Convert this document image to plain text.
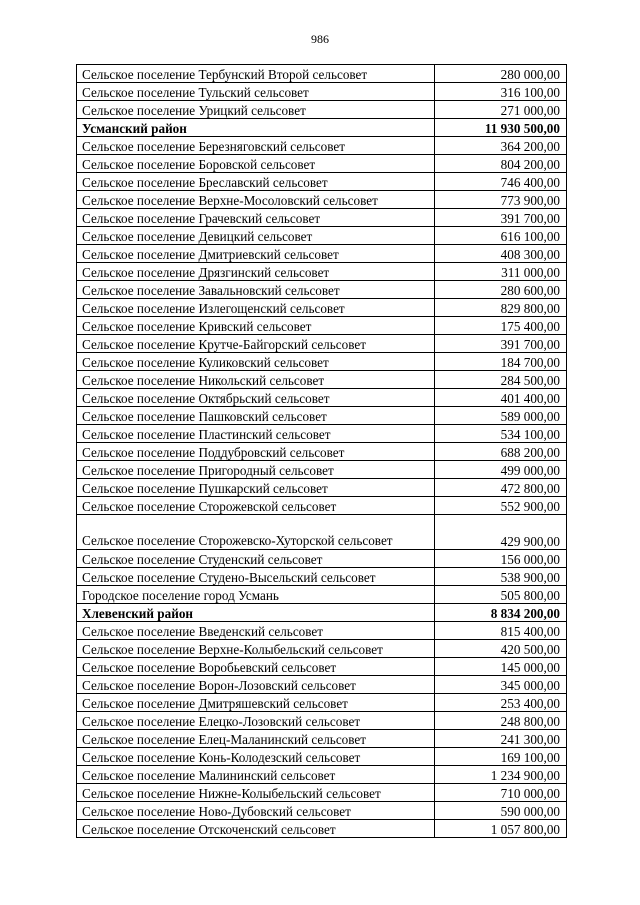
986
Сельское поселение Тербунский Второй сельсовет	280 000,00
Сельское поселение Тульский сельсовет	316 100,00
Сельское поселение Урицкий сельсовет	271 000,00
Усманский район	11 930 500,00
Сельское поселение Березняговский сельсовет	364 200,00
Сельское поселение Боровской сельсовет	804 200,00
Сельское поселение Бреславский сельсовет	746 400,00
Сельское поселение Верхне-Мосоловский сельсовет	773 900,00
Сельское поселение Грачевский сельсовет	391 700,00
Сельское поселение Девицкий сельсовет	616 100,00
Сельское поселение Дмитриевский сельсовет	408 300,00
Сельское поселение Дрязгинский сельсовет	311 000,00
Сельское поселение Завальновский сельсовет	280 600,00
Сельское поселение Излегощенский сельсовет	829 800,00
Сельское поселение Кривский сельсовет	175 400,00
Сельское поселение Крутче-Байгорский сельсовет	391 700,00
Сельское поселение Куликовский сельсовет	184 700,00
Сельское поселение Никольский сельсовет	284 500,00
Сельское поселение Октябрьский сельсовет	401 400,00
Сельское поселение Пашковский сельсовет	589 000,00
Сельское поселение Пластинский сельсовет	534 100,00
Сельское поселение Поддубровский сельсовет	688 200,00
Сельское поселение Пригородный сельсовет	499 000,00
Сельское поселение Пушкарский сельсовет	472 800,00
Сельское поселение Сторожевской сельсовет	552 900,00
Сельское поселение Сторожевско-Хуторской сельсовет	429 900,00
Сельское поселение Студенский сельсовет	156 000,00
Сельское поселение Студено-Высельский сельсовет	538 900,00
Городское поселение город Усмань	505 800,00
Хлевенский район	8 834 200,00
Сельское поселение Введенский сельсовет	815 400,00
Сельское поселение Верхне-Колыбельский сельсовет	420 500,00
Сельское поселение Воробьевский сельсовет	145 000,00
Сельское поселение Ворон-Лозовский сельсовет	345 000,00
Сельское поселение Дмитряшевский сельсовет	253 400,00
Сельское поселение Елецко-Лозовский сельсовет	248 800,00
Сельское поселение Елец-Маланинский сельсовет	241 300,00
Сельское поселение Конь-Колодезский сельсовет	169 100,00
Сельское поселение Малининский сельсовет	1 234 900,00
Сельское поселение Нижне-Колыбельский сельсовет	710 000,00
Сельское поселение Ново-Дубовский сельсовет	590 000,00
Сельское поселение Отскоченский сельсовет	1 057 800,00
